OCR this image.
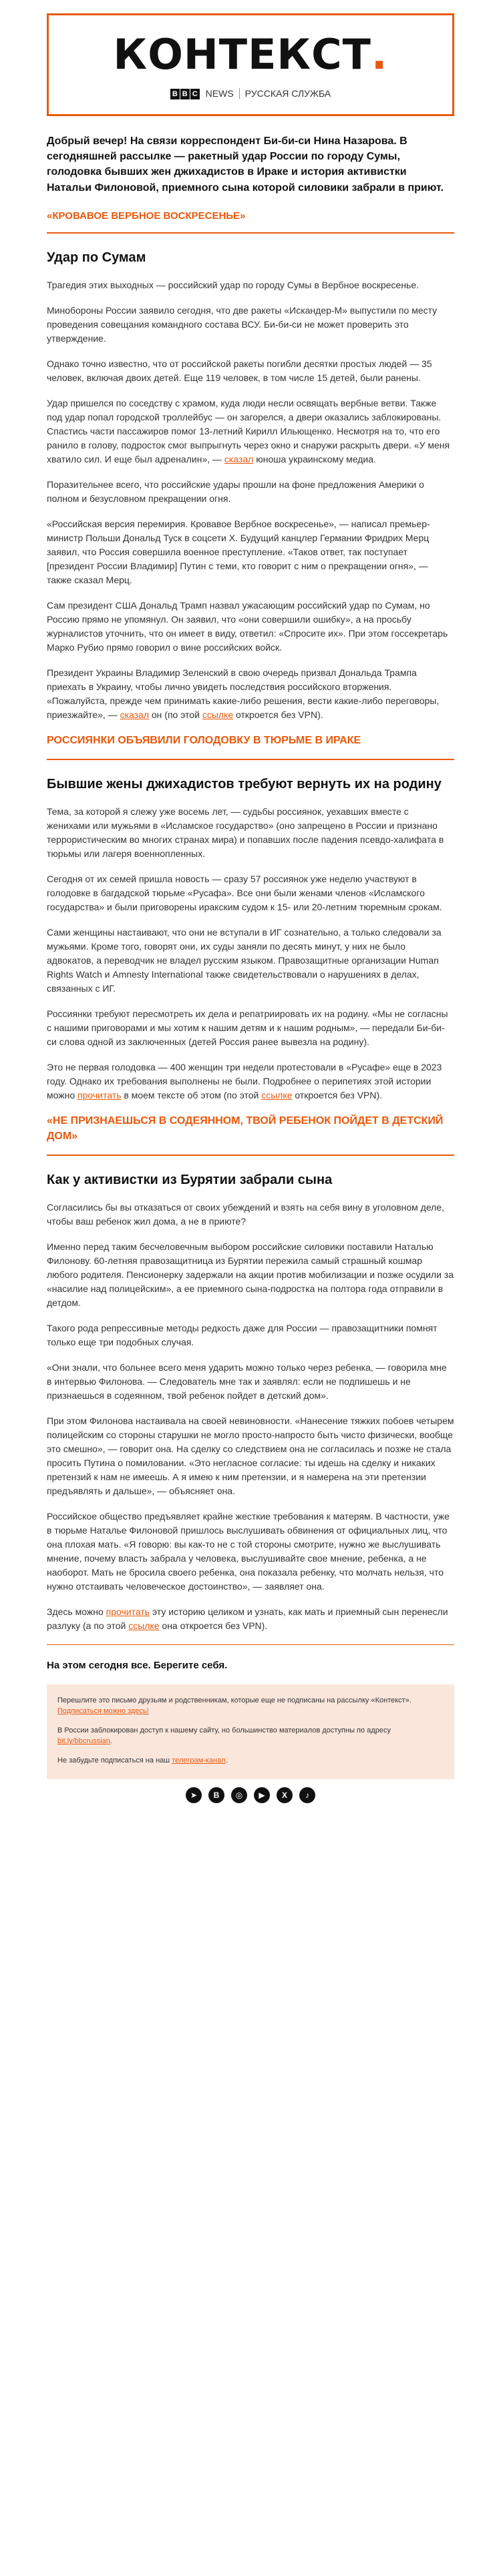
КОНТЕКСТ.
B B C NEWS РУССКАЯ СЛУЖБА
Добрый вечер! На связи корреспондент Би-би-си Нина Назарова. В сегодняшней рассылке — ракетный удар России по городу Сумы, голодовка бывших жен джихадистов в Ираке и история активистки Натальи Филоновой, приемного сына которой силовики забрали в приют.
«КРОВАВОЕ ВЕРБНОЕ ВОСКРЕСЕНЬЕ»
Удар по Сумам

Трагедия этих выходных — российский удар по городу Сумы в Вербное воскресенье.

Минобороны России заявило сегодня, что две ракеты «Искандер-М» выпустили по месту проведения совещания командного состава ВСУ. Би-би-си не может проверить это утверждение.

Однако точно известно, что от российской ракеты погибли десятки простых людей — 35 человек, включая двоих детей. Еще 119 человек, в том числе 15 детей, были ранены.

Удар пришелся по соседству с храмом, куда люди несли освящать вербные ветви. Также под удар попал городской троллейбус — он загорелся, а двери оказались заблокированы. Спастись части пассажиров помог 13-летний Кирилл Ильющенко. Несмотря на то, что его ранило в голову, подросток смог выпрыгнуть через окно и снаружи раскрыть двери. «У меня хватило сил. И еще был адреналин», — сказал юноша украинскому медиа.

Поразительнее всего, что российские удары прошли на фоне предложения Америки о полном и безусловном прекращении огня.

«Российская версия перемирия. Кровавое Вербное воскресенье», — написал премьер-министр Польши Дональд Туск в соцсети Х. Будущий канцлер Германии Фридрих Мерц заявил, что Россия совершила военное преступление. «Таков ответ, так поступает [президент России Владимир] Путин с теми, кто говорит с ним о прекращении огня», — также сказал Мерц.

Сам президент США Дональд Трамп назвал ужасающим российский удар по Сумам, но Россию прямо не упомянул. Он заявил, что «они совершили ошибку», а на просьбу журналистов уточнить, что он имеет в виду, ответил: «Спросите их». При этом госсекретарь Марко Рубио прямо говорил о вине российских войск.

Президент Украины Владимир Зеленский в свою очередь призвал Дональда Трампа приехать в Украину, чтобы лично увидеть последствия российского вторжения. «Пожалуйста, прежде чем принимать какие-либо решения, вести какие-либо переговоры, приезжайте», — сказал он (по этой ссылке откроется без VPN).

РОССИЯНКИ ОБЪЯВИЛИ ГОЛОДОВКУ В ТЮРЬМЕ В ИРАКЕ
Бывшие жены джихадистов требуют вернуть их на родину

Тема, за которой я слежу уже восемь лет, — судьбы россиянок, уехавших вместе с женихами или мужьями в «Исламское государство» (оно запрещено в России и признано террористическим во многих странах мира) и попавших после падения псевдо-халифата в тюрьмы или лагеря военнопленных.

Сегодня от их семей пришла новость — сразу 57 россиянок уже неделю участвуют в голодовке в багдадской тюрьме «Русафа». Все они были женами членов «Исламского государства» и были приговорены иракским судом к 15- или 20-летним тюремным срокам.

Сами женщины настаивают, что они не вступали в ИГ сознательно, а только следовали за мужьями. Кроме того, говорят они, их суды заняли по десять минут, у них не было адвокатов, а переводчик не владел русским языком. Правозащитные организации Human Rights Watch и Amnesty International также свидетельствовали о нарушениях в делах, связанных с ИГ.

Россиянки требуют пересмотреть их дела и репатриировать их на родину. «Мы не согласны с нашими приговорами и мы хотим к нашим детям и к нашим родным», — передали Би-би-си слова одной из заключенных (детей Россия ранее вывезла на родину).

Это не первая голодовка — 400 женщин три недели протестовали в «Русафе» еще в 2023 году. Однако их требования выполнены не были. Подробнее о перипетиях этой истории можно прочитать в моем тексте об этом (по этой ссылке откроется без VPN).

«НЕ ПРИЗНАЕШЬСЯ В СОДЕЯННОМ, ТВОЙ РЕБЕНОК ПОЙДЕТ В ДЕТСКИЙ ДОМ»
Как у активистки из Бурятии забрали сына

Согласились бы вы отказаться от своих убеждений и взять на себя вину в уголовном деле, чтобы ваш ребенок жил дома, а не в приюте?

Именно перед таким бесчеловечным выбором российские силовики поставили Наталью Филонову. 60-летняя правозащитница из Бурятии пережила самый страшный кошмар любого родителя. Пенсионерку задержали на акции против мобилизации и позже осудили за «насилие над полицейским», а ее приемного сына-подростка на полтора года отправили в детдом.

Такого рода репрессивные методы редкость даже для России — правозащитники помнят только еще три подобных случая.

«Они знали, что больнее всего меня ударить можно только через ребенка, — говорила мне в интервью Филонова. — Следователь мне так и заявлял: если не подпишешь и не признаешься в содеянном, твой ребенок пойдет в детский дом».

При этом Филонова настаивала на своей невиновности. «Нанесение тяжких побоев четырем полицейским со стороны старушки не могло просто-напросто быть чисто физически, вообще это смешно», — говорит она. На сделку со следствием она не согласилась и позже не стала просить Путина о помиловании. «Это негласное согласие: ты идешь на сделку и никаких претензий к нам не имеешь. А я имею к ним претензии, и я намерена на эти претензии предъявлять и дальше», — объясняет она.

Российское общество предъявляет крайне жесткие требования к матерям. В частности, уже в тюрьме Наталье Филоновой пришлось выслушивать обвинения от официальных лиц, что она плохая мать. «Я говорю: вы как-то не с той стороны смотрите, нужно же выслушивать мнение, почему власть забрала у человека, выслушивайте свое мнение, ребенка, а не наоборот. Мать не бросила своего ребенка, она показала ребенку, что молчать нельзя, что нужно отстаивать человеческое достоинство», — заявляет она.

Здесь можно прочитать эту историю целиком и узнать, как мать и приемный сын перенесли разлуку (а по этой ссылке она откроется без VPN).

На этом сегодня все. Берегите себя.

Перешлите это письмо друзьям и родственникам, которые еще не подписаны на рассылку «Контекст». Подписаться можно здесь!

В России заблокирован доступ к нашему сайту, но большинство материалов доступны по адресу bit.ly/bbcrussian.

Не забудьте подписаться на наш телеграм-канал.

➤	B	◎	▶	X	♪
